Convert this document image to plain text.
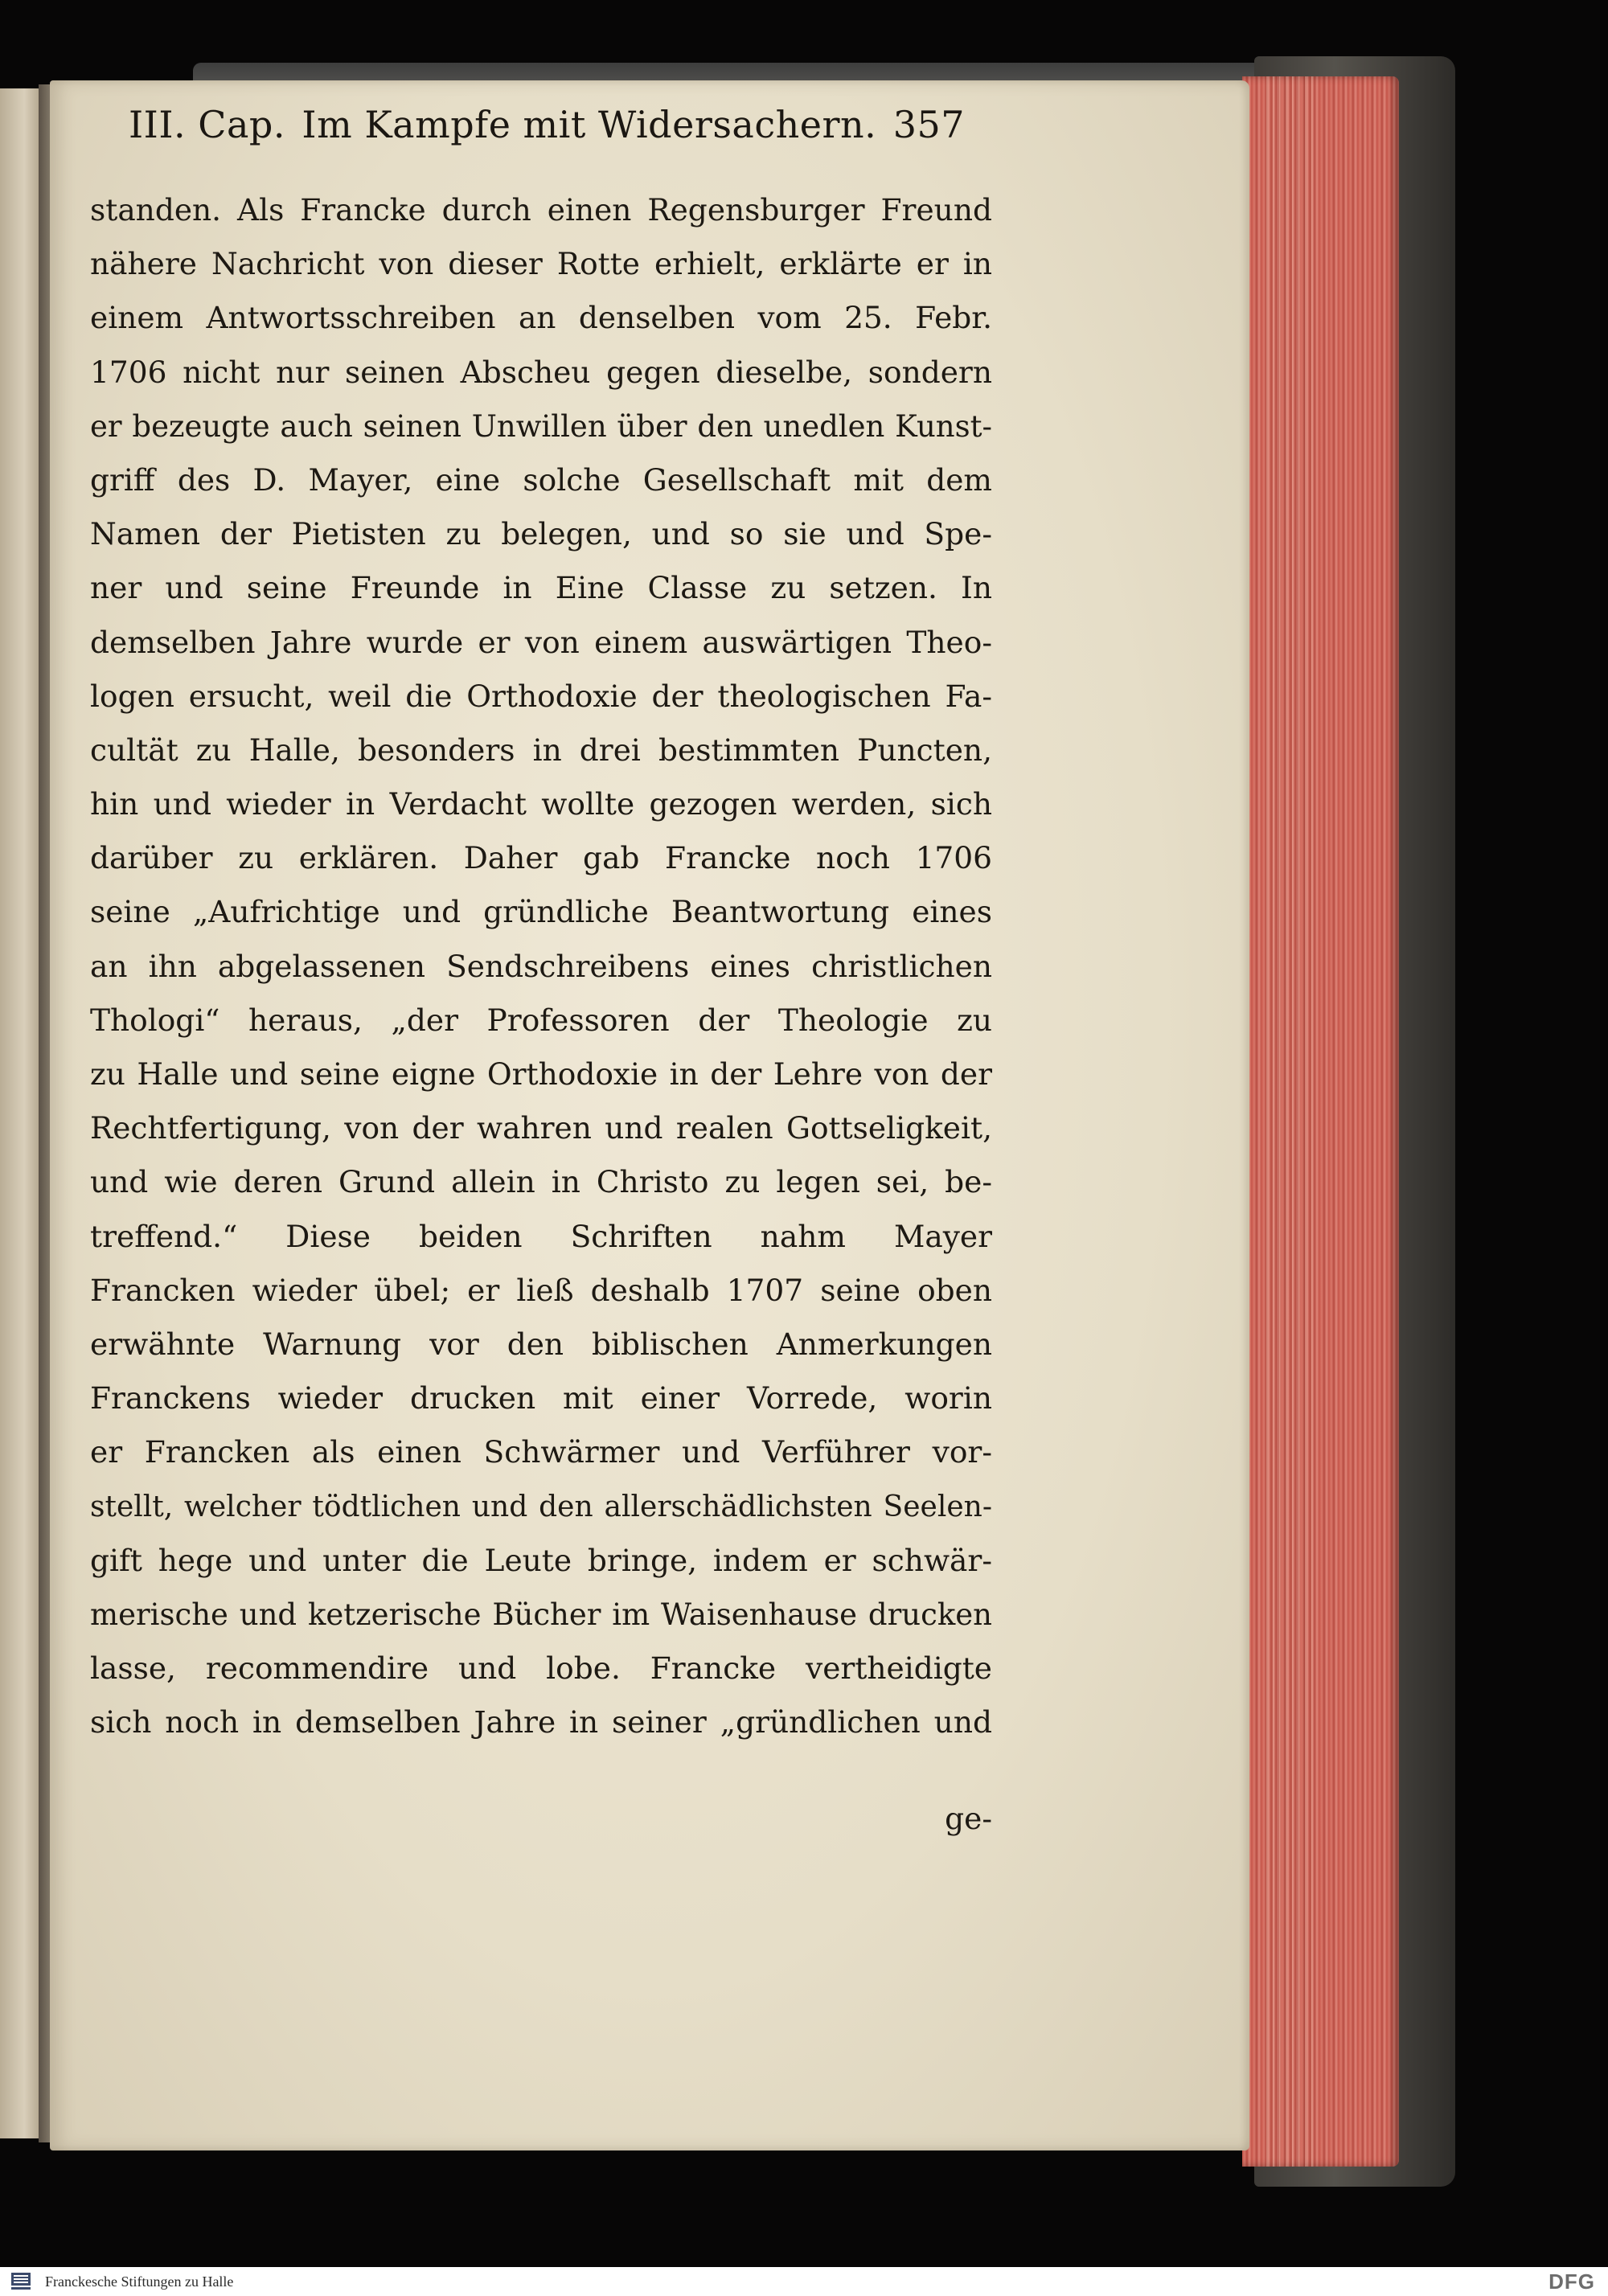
III. Cap. Im Kampfe mit Widersachern. 357
standen. Als Francke durch einen Regensburger Freund
nähere Nachricht von dieser Rotte erhielt, erklärte er in
einem Antwortsschreiben an denselben vom 25. Febr.
1706 nicht nur seinen Abscheu gegen dieselbe, sondern
er bezeugte auch seinen Unwillen über den unedlen Kunst-
griff des D. Mayer, eine solche Gesellschaft mit dem
Namen der Pietisten zu belegen, und so sie und Spe-
ner und seine Freunde in Eine Classe zu setzen. In
demselben Jahre wurde er von einem auswärtigen Theo-
logen ersucht, weil die Orthodoxie der theologischen Fa-
cultät zu Halle, besonders in drei bestimmten Puncten,
hin und wieder in Verdacht wollte gezogen werden, sich
darüber zu erklären. Daher gab Francke noch 1706
seine „Aufrichtige und gründliche Beantwortung eines
an ihn abgelassenen Sendschreibens eines christlichen
Thologi“ heraus, „der Professoren der Theologie zu
zu Halle und seine eigne Orthodoxie in der Lehre von der
Rechtfertigung, von der wahren und realen Gottseligkeit,
und wie deren Grund allein in Christo zu legen sei, be-
treffend.“ Diese beiden Schriften nahm Mayer
Francken wieder übel; er ließ deshalb 1707 seine oben
erwähnte Warnung vor den biblischen Anmerkungen
Franckens wieder drucken mit einer Vorrede, worin
er Francken als einen Schwärmer und Verführer vor-
stellt, welcher tödtlichen und den allerschädlichsten Seelen-
gift hege und unter die Leute bringe, indem er schwär-
merische und ketzerische Bücher im Waisenhause drucken
lasse, recommendire und lobe. Francke vertheidigte
sich noch in demselben Jahre in seiner „gründlichen und
ge-
Franckesche Stiftungen zu Halle	DFG
